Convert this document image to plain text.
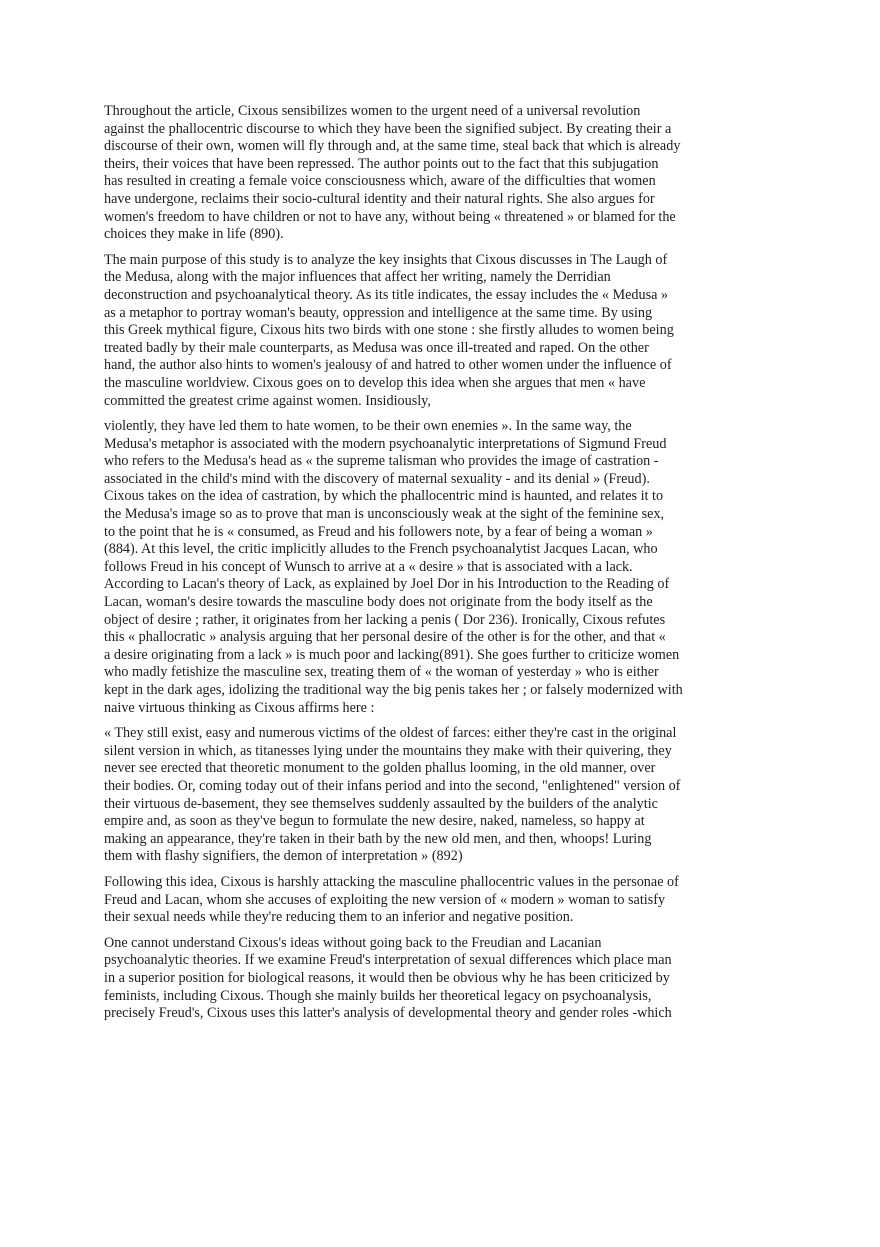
Throughout the article, Cixous sensibilizes women to the urgent need of a universal revolution
against the phallocentric discourse to which they have been the signified subject. By creating their a
discourse of their own, women will fly through and, at the same time, steal back that which is already
theirs, their voices that have been repressed. The author points out to the fact that this subjugation
has resulted in creating a female voice consciousness which, aware of the difficulties that women
have undergone, reclaims their socio-cultural identity and their natural rights. She also argues for
women's freedom to have children or not to have any, without being « threatened » or blamed for the
choices they make in life (890).

The main purpose of this study is to analyze the key insights that Cixous discusses in The Laugh of
the Medusa, along with the major influences that affect her writing, namely the Derridian
deconstruction and psychoanalytical theory. As its title indicates, the essay includes the « Medusa »
as a metaphor to portray woman's beauty, oppression and intelligence at the same time. By using
this Greek mythical figure, Cixous hits two birds with one stone : she firstly alludes to women being
treated badly by their male counterparts, as Medusa was once ill-treated and raped. On the other
hand, the author also hints to women's jealousy of and hatred to other women under the influence of
the masculine worldview. Cixous goes on to develop this idea when she argues that men « have
committed the greatest crime against women. Insidiously,

violently, they have led them to hate women, to be their own enemies ». In the same way, the
Medusa's metaphor is associated with the modern psychoanalytic interpretations of Sigmund Freud
who refers to the Medusa's head as « the supreme talisman who provides the image of castration -
associated in the child's mind with the discovery of maternal sexuality - and its denial » (Freud).
Cixous takes on the idea of castration, by which the phallocentric mind is haunted, and relates it to
the Medusa's image so as to prove that man is unconsciously weak at the sight of the feminine sex,
to the point that he is « consumed, as Freud and his followers note, by a fear of being a woman »
(884). At this level, the critic implicitly alludes to the French psychoanalytist Jacques Lacan, who
follows Freud in his concept of Wunsch to arrive at a « desire » that is associated with a lack.
According to Lacan's theory of Lack, as explained by Joel Dor in his Introduction to the Reading of
Lacan, woman's desire towards the masculine body does not originate from the body itself as the
object of desire ; rather, it originates from her lacking a penis ( Dor 236). Ironically, Cixous refutes
this « phallocratic » analysis arguing that her personal desire of the other is for the other, and that «
a desire originating from a lack » is much poor and lacking(891). She goes further to criticize women
who madly fetishize the masculine sex, treating them of « the woman of yesterday » who is either
kept in the dark ages, idolizing the traditional way the big penis takes her ; or falsely modernized with
naive virtuous thinking as Cixous affirms here :

« They still exist, easy and numerous victims of the oldest of farces: either they're cast in the original
silent version in which, as titanesses lying under the mountains they make with their quivering, they
never see erected that theoretic monument to the golden phallus looming, in the old manner, over
their bodies. Or, coming today out of their infans period and into the second, "enlightened" version of
their virtuous de-basement, they see themselves suddenly assaulted by the builders of the analytic
empire and, as soon as they've begun to formulate the new desire, naked, nameless, so happy at
making an appearance, they're taken in their bath by the new old men, and then, whoops! Luring
them with flashy signifiers, the demon of interpretation » (892)

Following this idea, Cixous is harshly attacking the masculine phallocentric values in the personae of
Freud and Lacan, whom she accuses of exploiting the new version of « modern » woman to satisfy
their sexual needs while they're reducing them to an inferior and negative position.

One cannot understand Cixous's ideas without going back to the Freudian and Lacanian
psychoanalytic theories. If we examine Freud's interpretation of sexual differences which place man
in a superior position for biological reasons, it would then be obvious why he has been criticized by
feminists, including Cixous. Though she mainly builds her theoretical legacy on psychoanalysis,
precisely Freud's, Cixous uses this latter's analysis of developmental theory and gender roles -which
